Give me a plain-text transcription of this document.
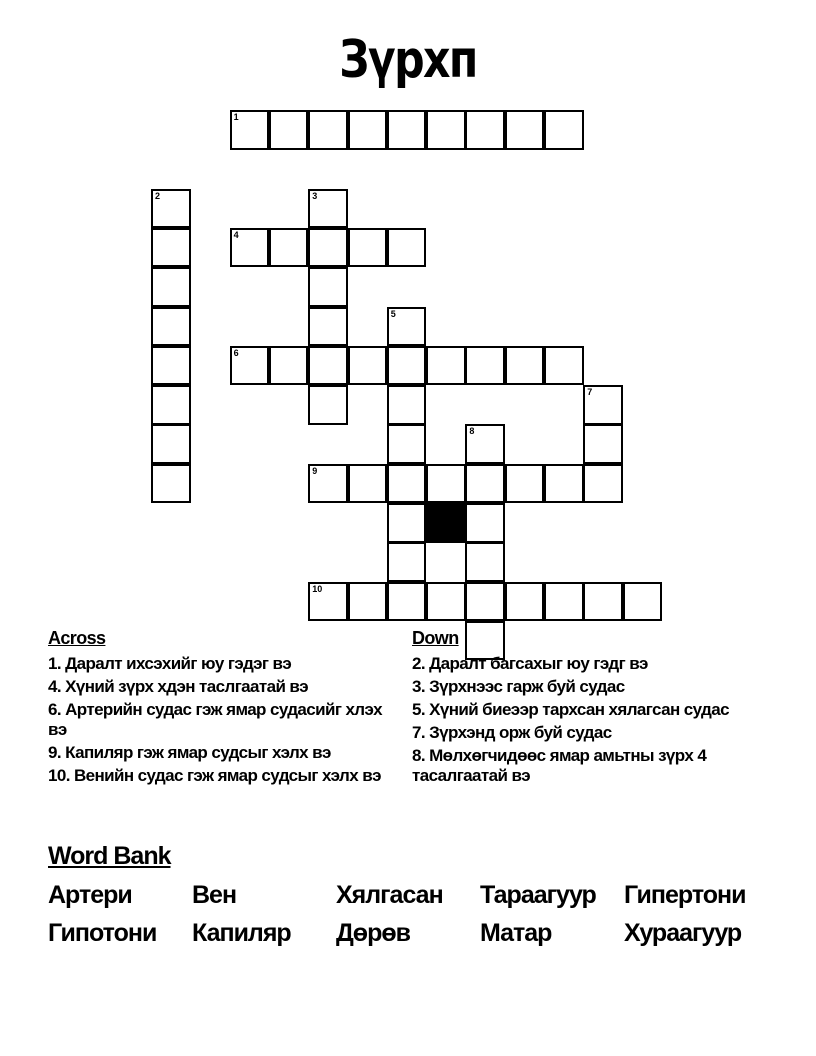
Зүрхп
1
2	3
4
5
6
7
8
9
10
Across
1. Даралт ихсэхийг юу гэдэг вэ
4. Хүний зүрх хдэн таслгаатай вэ
6. Артерийн судас гэж ямар судасийг хлэх вэ
9. Капиляр гэж ямар судсыг хэлх вэ
10. Венийн судас гэж ямар судсыг хэлх вэ
Down
2. Даралт багсахыг юу гэдг вэ
3. Зүрхнээс гарж буй судас
5. Хүний биеээр тархсан хялагсан судас
7. Зүрхэнд орж буй судас
8. Мөлхөгчидөөс ямар амьтны зүрх 4 тасалгаатай вэ
Word Bank
Артери	Вен	Хялгасан	Тараагуур	Гипертони
Гипотони	Капиляр	Дөрөв	Матар	Хураагуур
